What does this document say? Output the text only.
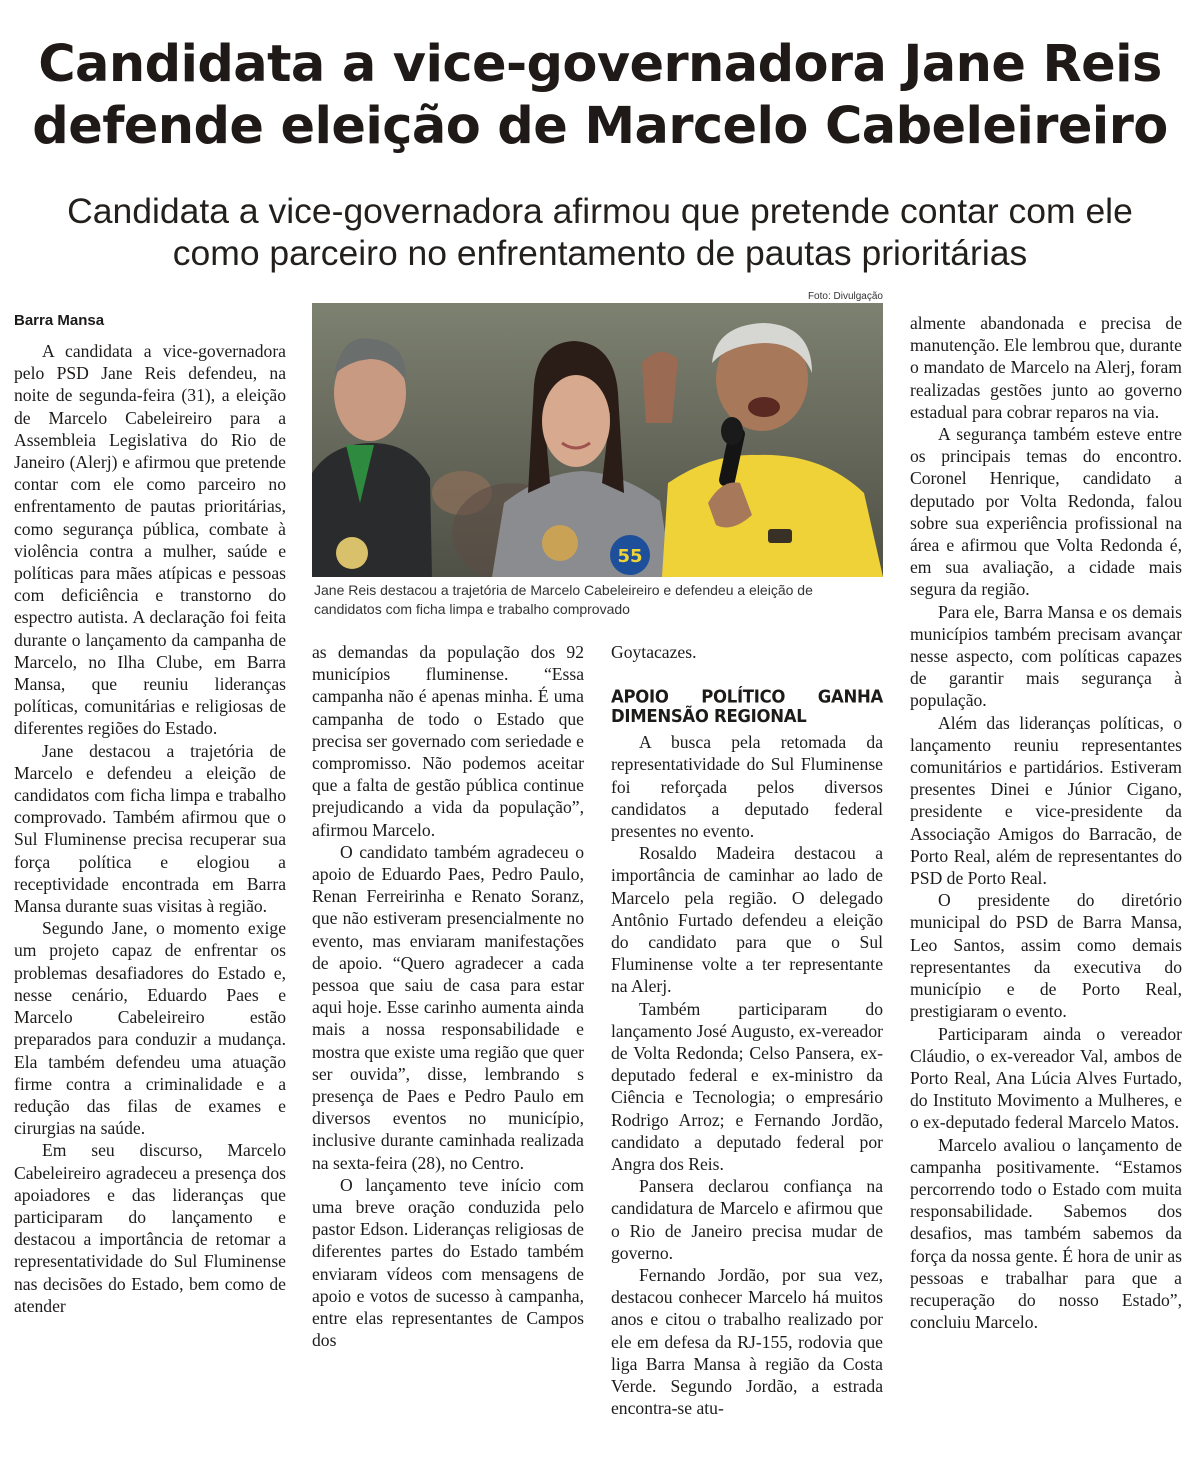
Candidata a vice-governadora Jane Reis defende eleição de Marcelo Cabeleireiro
Candidata a vice-governadora afirmou que pretende contar com ele como parceiro no enfrentamento de pautas prioritárias
Barra Mansa
Foto: Divulgação
55
Jane Reis destacou a trajetória de Marcelo Cabeleireiro e defendeu a eleição de candidatos com ficha limpa e trabalho comprovado

A candidata a vice-governadora pelo PSD Jane Reis defendeu, na noite de segunda-feira (31), a eleição de Marcelo Cabeleireiro para a Assembleia Legislativa do Rio de Janeiro (Alerj) e afirmou que pretende contar com ele como parceiro no enfrentamento de pautas prioritárias, como segurança pública, combate à violência contra a mulher, saúde e políticas para mães atípicas e pessoas com deficiência e transtorno do espectro autista. A declaração foi feita durante o lançamento da campanha de Marcelo, no Ilha Clube, em Barra Mansa, que reuniu lideranças políticas, comunitárias e religiosas de diferentes regiões do Estado.

Jane destacou a trajetória de Marcelo e defendeu a eleição de candidatos com ficha limpa e trabalho comprovado. Também afirmou que o Sul Fluminense precisa recuperar sua força política e elogiou a receptividade encontrada em Barra Mansa durante suas visitas à região.

Segundo Jane, o momento exige um projeto capaz de enfrentar os problemas desafiadores do Estado e, nesse cenário, Eduardo Paes e Marcelo Cabeleireiro estão preparados para conduzir a mudança. Ela também defendeu uma atuação firme contra a criminalidade e a redução das filas de exames e cirurgias na saúde.

Em seu discurso, Marcelo Cabeleireiro agradeceu a presença dos apoiadores e das lideranças que participaram do lançamento e destacou a importância de retomar a representatividade do Sul Fluminense nas decisões do Estado, bem como de atender

as demandas da população dos 92 municípios fluminense. “Essa campanha não é apenas minha. É uma campanha de todo o Estado que precisa ser governado com seriedade e compromisso. Não podemos aceitar que a falta de gestão pública continue prejudicando a vida da população”, afirmou Marcelo.

O candidato também agradeceu o apoio de Eduardo Paes, Pedro Paulo, Renan Ferreirinha e Renato Soranz, que não estiveram presencialmente no evento, mas enviaram manifestações de apoio. “Quero agradecer a cada pessoa que saiu de casa para estar aqui hoje. Esse carinho aumenta ainda mais a nossa responsabilidade e mostra que existe uma região que quer ser ouvida”, disse, lembrando s presença de Paes e Pedro Paulo em diversos eventos no município, inclusive durante caminhada realizada na sexta-feira (28), no Centro.

O lançamento teve início com uma breve oração conduzida pelo pastor Edson. Lideranças religiosas de diferentes partes do Estado também enviaram vídeos com mensagens de apoio e votos de sucesso à campanha, entre elas representantes de Campos dos

Goytacazes.

APOIO POLÍTICO GANHA DIMENSÃO REGIONAL

A busca pela retomada da representatividade do Sul Fluminense foi reforçada pelos diversos candidatos a deputado federal presentes no evento.

Rosaldo Madeira destacou a importância de caminhar ao lado de Marcelo pela região. O delegado Antônio Furtado defendeu a eleição do candidato para que o Sul Fluminense volte a ter representante na Alerj.

Também participaram do lançamento José Augusto, ex-vereador de Volta Redonda; Celso Pansera, ex-deputado federal e ex-ministro da Ciência e Tecnologia; o empresário Rodrigo Arroz; e Fernando Jordão, candidato a deputado federal por Angra dos Reis.

Pansera declarou confiança na candidatura de Marcelo e afirmou que o Rio de Janeiro precisa mudar de governo.

Fernando Jordão, por sua vez, destacou conhecer Marcelo há muitos anos e citou o trabalho realizado por ele em defesa da RJ-155, rodovia que liga Barra Mansa à região da Costa Verde. Segundo Jordão, a estrada encontra-se atu-

almente abandonada e precisa de manutenção. Ele lembrou que, durante o mandato de Marcelo na Alerj, foram realizadas gestões junto ao governo estadual para cobrar reparos na via.

A segurança também esteve entre os principais temas do encontro. Coronel Henrique, candidato a deputado por Volta Redonda, falou sobre sua experiência profissional na área e afirmou que Volta Redonda é, em sua avaliação, a cidade mais segura da região.

Para ele, Barra Mansa e os demais municípios também precisam avançar nesse aspecto, com políticas capazes de garantir mais segurança à população.

Além das lideranças políticas, o lançamento reuniu representantes comunitários e partidários. Estiveram presentes Dinei e Júnior Cigano, presidente e vice-presidente da Associação Amigos do Barracão, de Porto Real, além de representantes do PSD de Porto Real.

O presidente do diretório municipal do PSD de Barra Mansa, Leo Santos, assim como demais representantes da executiva do município e de Porto Real, prestigiaram o evento.

Participaram ainda o vereador Cláudio, o ex-vereador Val, ambos de Porto Real, Ana Lúcia Alves Furtado, do Instituto Movimento a Mulheres, e o ex-deputado federal Marcelo Matos.

Marcelo avaliou o lançamento de campanha positivamente. “Estamos percorrendo todo o Estado com muita responsabilidade. Sabemos dos desafios, mas também sabemos da força da nossa gente. É hora de unir as pessoas e trabalhar para que a recuperação do nosso Estado”, concluiu Marcelo.
